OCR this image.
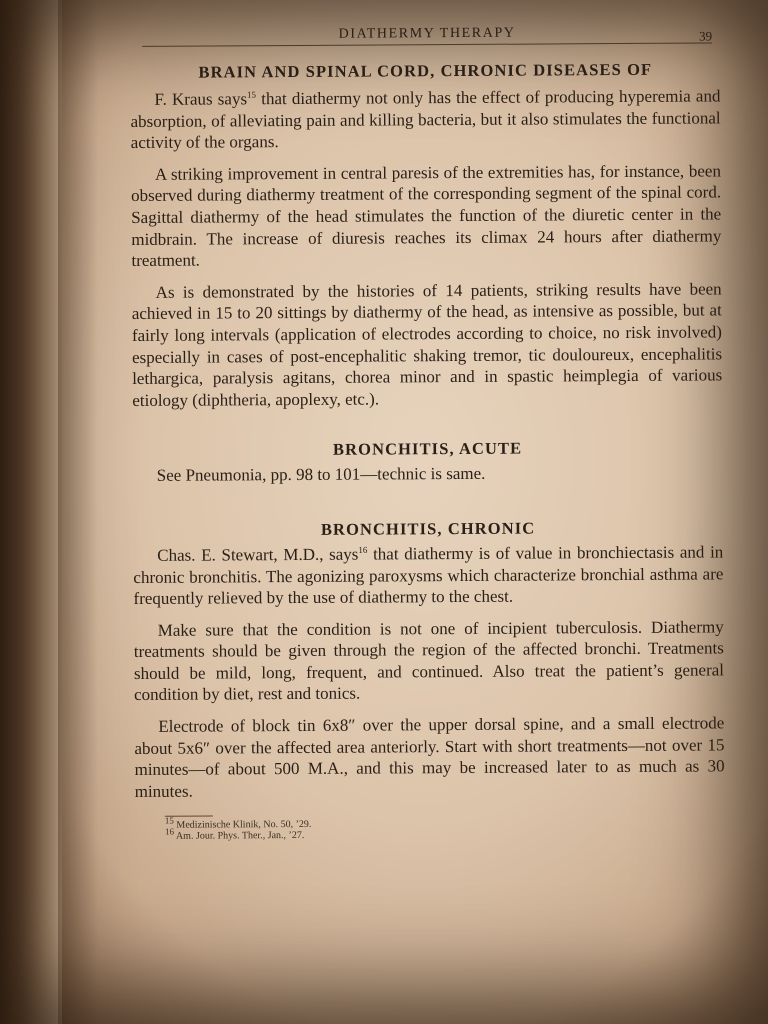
DIATHERMY THERAPY	39
BRAIN AND SPINAL CORD, CHRONIC DISEASES OF

F. Kraus says$^{15}$ that diathermy not only has the effect of producing hyperemia and absorption, of alleviating pain and killing bacteria, but it also stimulates the functional activity of the organs.

A striking improvement in central paresis of the extremities has, for instance, been observed during diathermy treatment of the corresponding segment of the spinal cord. Sagittal diathermy of the head stimulates the function of the diuretic center in the midbrain. The increase of diuresis reaches its climax 24 hours after diathermy treatment.

As is demonstrated by the histories of 14 patients, striking results have been achieved in 15 to 20 sittings by diathermy of the head, as intensive as possible, but at fairly long intervals (application of electrodes according to choice, no risk involved) especially in cases of post-encephalitic shaking tremor, tic douloureux, encephalitis lethargica, paralysis agitans, chorea minor and in spastic heimplegia of various etiology (diphtheria, apoplexy, etc.).

BRONCHITIS, ACUTE

See Pneumonia, pp. 98 to 101—technic is same.

BRONCHITIS, CHRONIC

Chas. E. Stewart, M.D., says$^{16}$ that diathermy is of value in bronchiectasis and in chronic bronchitis. The agonizing paroxysms which characterize bronchial asthma are frequently relieved by the use of diathermy to the chest.

Make sure that the condition is not one of incipient tuberculosis. Diathermy treatments should be given through the region of the affected bronchi. Treatments should be mild, long, frequent, and continued. Also treat the patient’s general condition by diet, rest and tonics.

Electrode of block tin 6x8″ over the upper dorsal spine, and a small electrode about 5x6″ over the affected area anteriorly. Start with short treatments—not over 15 minutes—of about 500 M.A., and this may be increased later to as much as 30 minutes.

$^{15}$ Medizinische Klinik, No. 50, ’29.
$^{16}$ Am. Jour. Phys. Ther., Jan., ’27.
